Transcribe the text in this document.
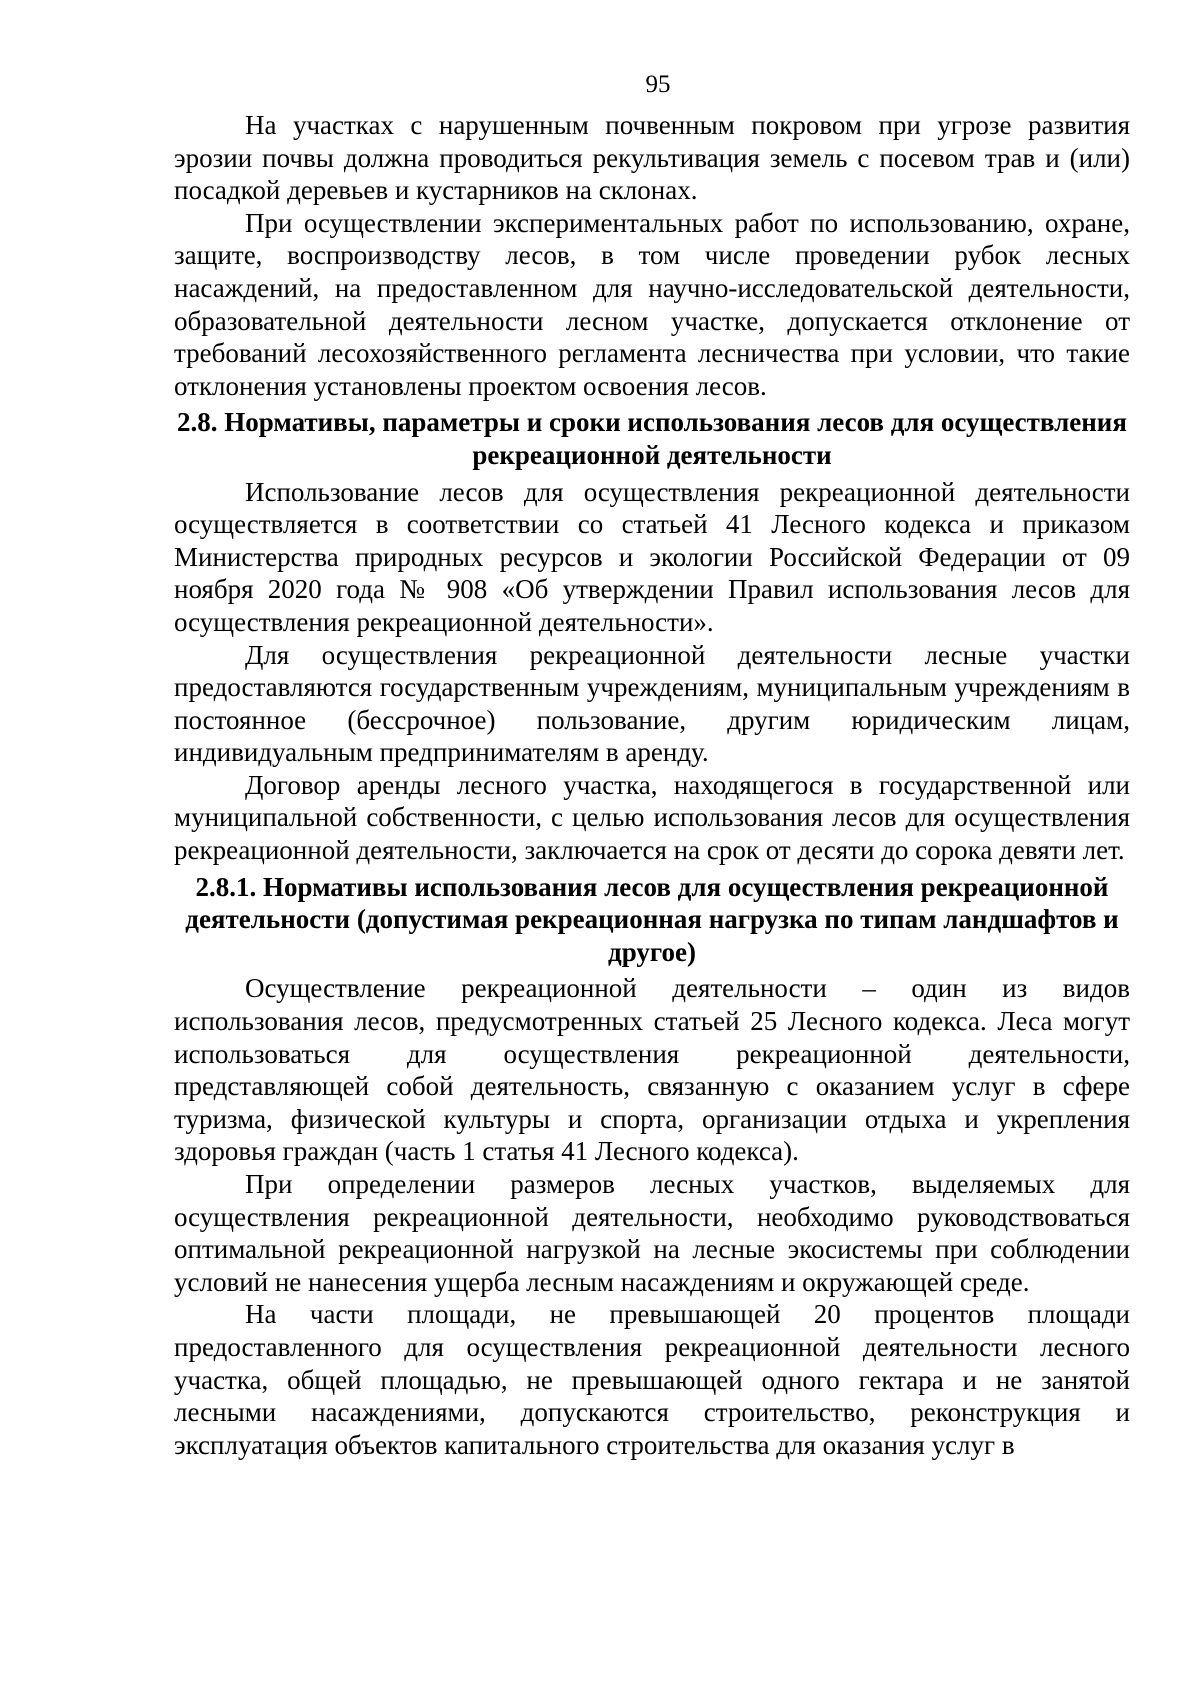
95

На участках с нарушенным почвенным покровом при угрозе развития эрозии почвы должна проводиться рекультивация земель с посевом трав и (или) посадкой деревьев и кустарников на склонах.

При осуществлении экспериментальных работ по использованию, охране, защите, воспроизводству лесов, в том числе проведении рубок лесных насаждений, на предоставленном для научно-исследовательской деятельности, образовательной деятельности лесном участке, допускается отклонение от требований лесохозяйственного регламента лесничества при условии, что такие отклонения установлены проектом освоения лесов.

2.8. Нормативы, параметры и сроки использования лесов для осуществления рекреационной деятельности

Использование лесов для осуществления рекреационной деятельности осуществляется в соответствии со статьей 41 Лесного кодекса и приказом Министерства природных ресурсов и экологии Российской Федерации от 09 ноября 2020 года № 908 «Об утверждении Правил использования лесов для осуществления рекреационной деятельности».

Для осуществления рекреационной деятельности лесные участки предоставляются государственным учреждениям, муниципальным учреждениям в постоянное (бессрочное) пользование, другим юридическим лицам, индивидуальным предпринимателям в аренду.

Договор аренды лесного участка, находящегося в государственной или муниципальной собственности, с целью использования лесов для осуществления рекреационной деятельности, заключается на срок от десяти до сорока девяти лет.

2.8.1. Нормативы использования лесов для осуществления рекреационной деятельности (допустимая рекреационная нагрузка по типам ландшафтов и другое)

Осуществление рекреационной деятельности – один из видов использования лесов, предусмотренных статьей 25 Лесного кодекса. Леса могут использоваться для осуществления рекреационной деятельности, представляющей собой деятельность, связанную с оказанием услуг в сфере туризма, физической культуры и спорта, организации отдыха и укрепления здоровья граждан (часть 1 статья 41 Лесного кодекса).

При определении размеров лесных участков, выделяемых для осуществления рекреационной деятельности, необходимо руководствоваться оптимальной рекреационной нагрузкой на лесные экосистемы при соблюдении условий не нанесения ущерба лесным насаждениям и окружающей среде.

На части площади, не превышающей 20 процентов площади предоставленного для осуществления рекреационной деятельности лесного участка, общей площадью, не превышающей одного гектара и не занятой лесными насаждениями, допускаются строительство, реконструкция и эксплуатация объектов капитального строительства для оказания услуг в
